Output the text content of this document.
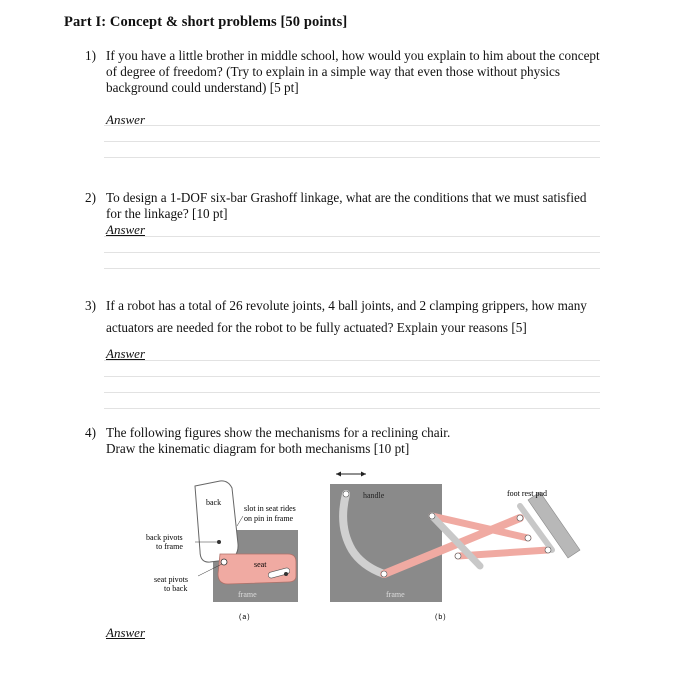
Part I: Concept & short problems [50 points]
1) If you have a little brother in middle school, how would you explain to him about the concept
of degree of freedom? (Try to explain in a simple way that even those without physics
background could understand) [5 pt]
Answer
2) To design a 1-DOF six-bar Grashoff linkage, what are the conditions that we must satisfied
for the linkage? [10 pt]
Answer
3) If a robot has a total of 26 revolute joints, 4 ball joints, and 2 clamping grippers, how many
actuators are needed for the robot to be fully actuated? Explain your reasons [5]
Answer
4) The following figures show the mechanisms for a reclining chair.
Draw the kinematic diagram for both mechanisms [10 pt]
back
slot in seat rides
on pin in frame
back pivots
to frame
seat pivots
to back
seat
frame
(a)
handle	foot rest pad
frame
(b)
Answer
